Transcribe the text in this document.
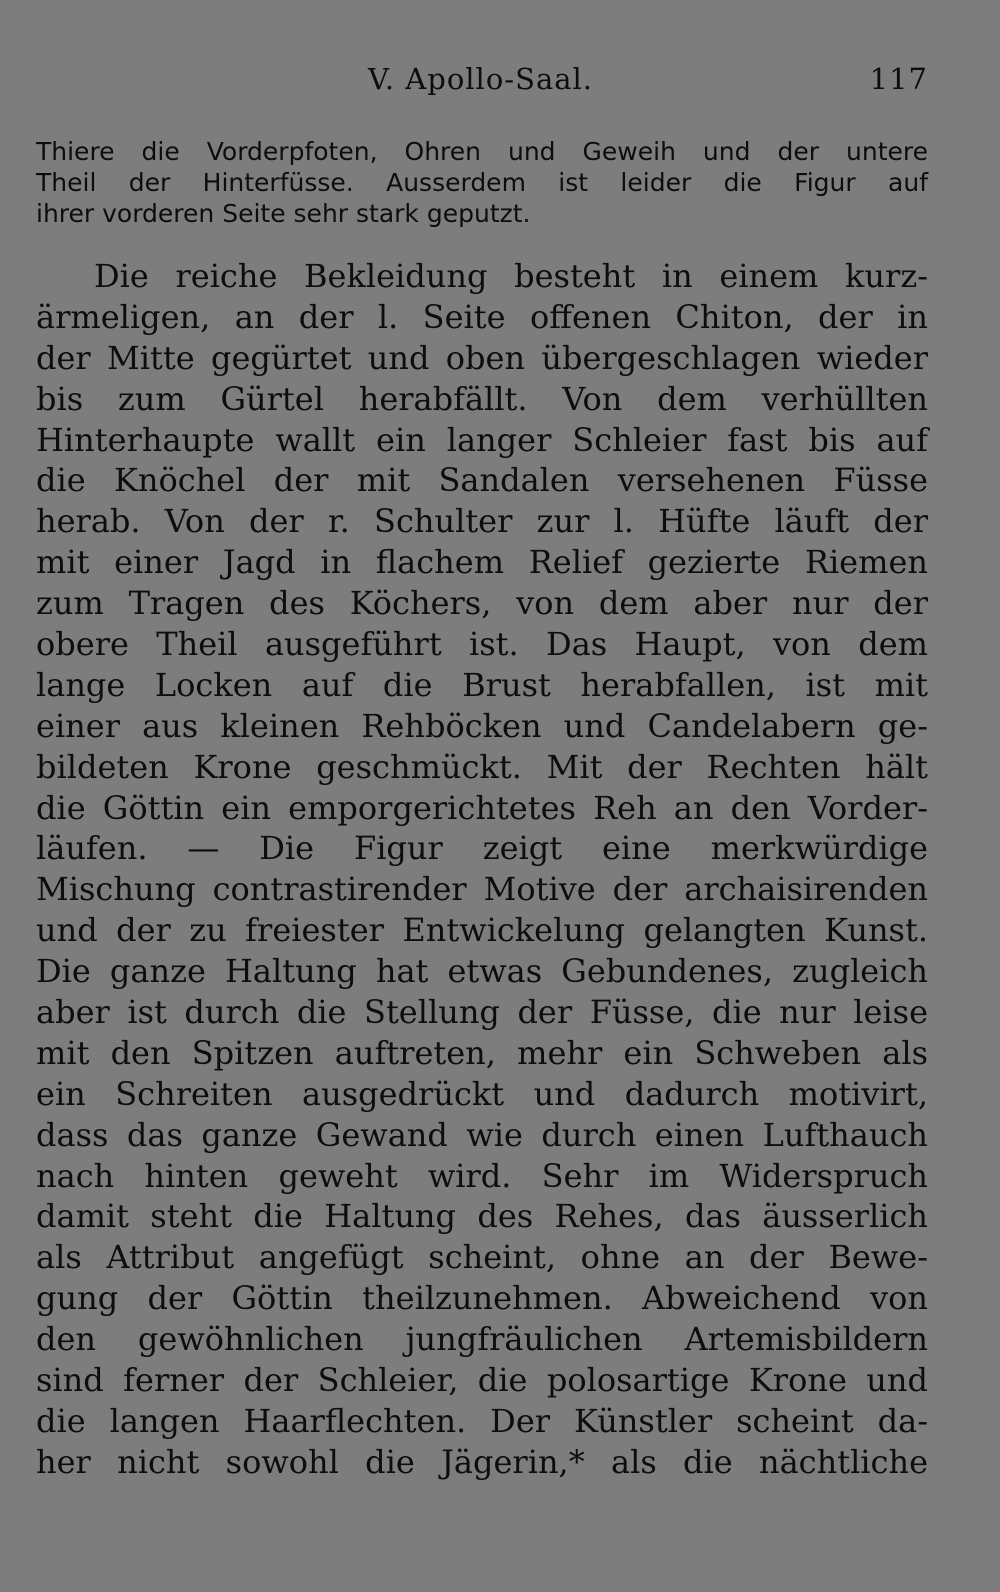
V. Apollo-Saal.	117
Thiere die Vorderpfoten, Ohren und Geweih und der untere
Theil der Hinterfüsse. Ausserdem ist leider die Figur auf
ihrer vorderen Seite sehr stark geputzt.
Die reiche Bekleidung besteht in einem kurz-
ärmeligen, an der l. Seite offenen Chiton, der in
der Mitte gegürtet und oben übergeschlagen wieder
bis zum Gürtel herabfällt. Von dem verhüllten
Hinterhaupte wallt ein langer Schleier fast bis auf
die Knöchel der mit Sandalen versehenen Füsse
herab. Von der r. Schulter zur l. Hüfte läuft der
mit einer Jagd in flachem Relief gezierte Riemen
zum Tragen des Köchers, von dem aber nur der
obere Theil ausgeführt ist. Das Haupt, von dem
lange Locken auf die Brust herabfallen, ist mit
einer aus kleinen Rehböcken und Candelabern ge-
bildeten Krone geschmückt. Mit der Rechten hält
die Göttin ein emporgerichtetes Reh an den Vorder-
läufen. — Die Figur zeigt eine merkwürdige
Mischung contrastirender Motive der archaisirenden
und der zu freiester Entwickelung gelangten Kunst.
Die ganze Haltung hat etwas Gebundenes, zugleich
aber ist durch die Stellung der Füsse, die nur leise
mit den Spitzen auftreten, mehr ein Schweben als
ein Schreiten ausgedrückt und dadurch motivirt,
dass das ganze Gewand wie durch einen Lufthauch
nach hinten geweht wird. Sehr im Widerspruch
damit steht die Haltung des Rehes, das äusserlich
als Attribut angefügt scheint, ohne an der Bewe-
gung der Göttin theilzunehmen. Abweichend von
den gewöhnlichen jungfräulichen Artemisbildern
sind ferner der Schleier, die polosartige Krone und
die langen Haarflechten. Der Künstler scheint da-
her nicht sowohl die Jägerin,* als die nächtliche
